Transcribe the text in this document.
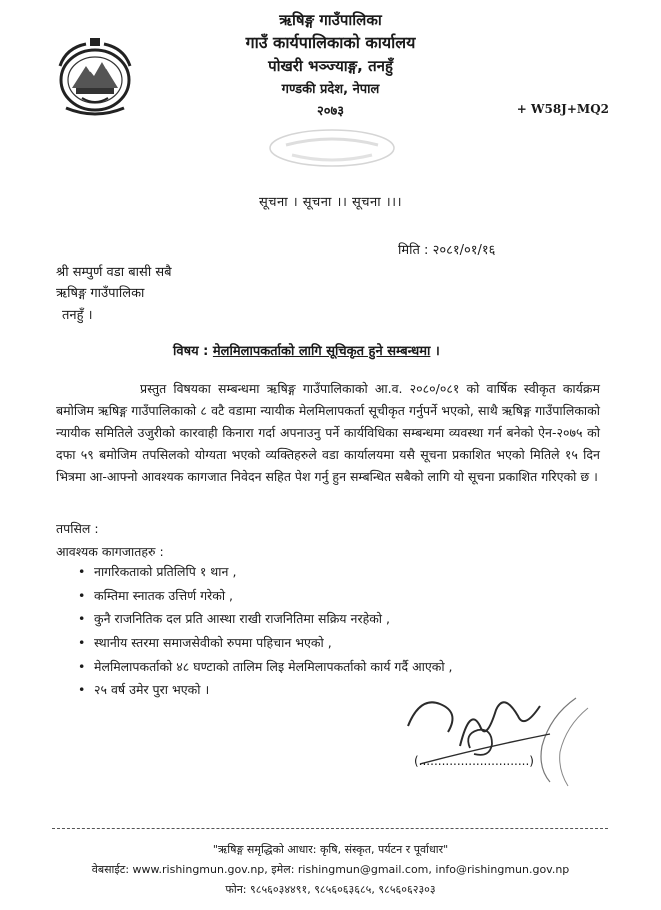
ऋषिङ्ग गाउँपालिका
गाउँ कार्यपालिकाको कार्यालय
पोखरी भञ्ज्याङ्ग, तनहुँ
गण्डकी प्रदेश, नेपाल
२०७३	+ W58J+MQ2
सूचना । सूचना ।। सूचना ।।।
मिति : २०८१/०१/१६
श्री सम्पुर्ण वडा बासी सबै
ऋषिङ्ग गाउँपालिका
तनहुँ ।
विषय : मेलमिलापकर्ताको लागि सूचिकृत हुने सम्बन्धमा ।
प्रस्तुत विषयका सम्बन्धमा ऋषिङ्ग गाउँपालिकाको आ.व. २०८०/०८१ को वार्षिक स्वीकृत कार्यक्रम बमोजिम ऋषिङ्ग गाउँपालिकाको ८ वटै वडामा न्यायीक मेलमिलापकर्ता सूचीकृत गर्नुपर्ने भएको, साथै ऋषिङ्ग गाउँपालिकाको न्यायीक समितिले उजुरीको कारवाही किनारा गर्दा अपनाउनु पर्ने कार्यविधिका सम्बन्धमा व्यवस्था गर्न बनेको ऐन-२०७५ को दफा ५९ बमोजिम तपसिलको योग्यता भएको व्यक्तिहरुले वडा कार्यालयमा यसै सूचना प्रकाशित भएको मितिले १५ दिन भित्रमा आ-आफ्नो आवश्यक कागजात निवेदन सहित पेश गर्नु हुन सम्बन्धित सबैको लागि यो सूचना प्रकाशित गरिएको छ ।
तपसिल :
आवश्यक कागजातहरु :
• नागरिकताको प्रतिलिपि १ थान ,
• कम्तिमा स्नातक उत्तिर्ण गरेको ,
• कुनै राजनितिक दल प्रति आस्था राखी राजनितिमा सक्रिय नरहेको ,
• स्थानीय स्तरमा समाजसेवीको रुपमा पहिचान भएको ,
• मेलमिलापकर्ताको ४८ घण्टाको तालिम लिइ मेलमिलापकर्ताको कार्य गर्दै आएको ,
• २५ वर्ष उमेर पुरा भएको ।
(.............................)
"ऋषिङ्ग समृद्धिको आधार: कृषि, संस्कृत, पर्यटन र पूर्वाधार"
वेबसाईट: www.rishingmun.gov.np, इमेल: rishingmun@gmail.com, info@rishingmun.gov.np
फोन: ९८५६०३४४९१, ९८५६०६३६८५, ९८५६०६२३०३
